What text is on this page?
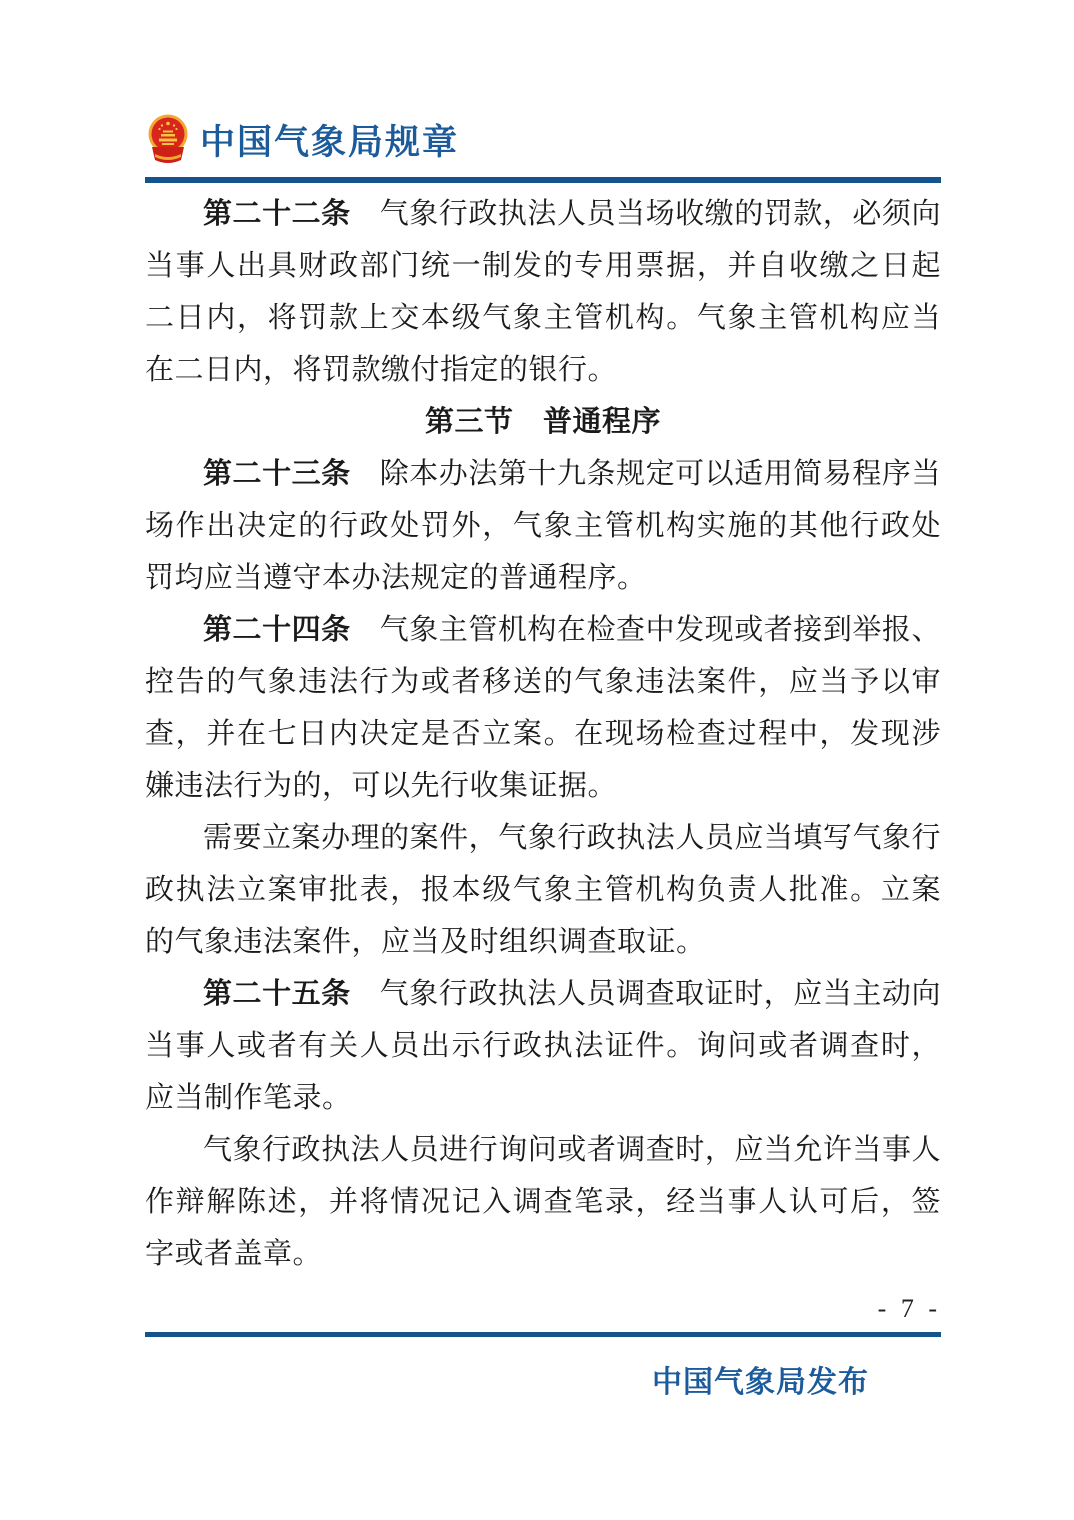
中国气象局规章

第二十二条 气象行政执法人员当场收缴的罚款，必须向当事人出具财政部门统一制发的专用票据，并自收缴之日起二日内，将罚款上交本级气象主管机构。气象主管机构应当在二日内，将罚款缴付指定的银行。

第三节　普通程序

第二十三条 除本办法第十九条规定可以适用简易程序当场作出决定的行政处罚外，气象主管机构实施的其他行政处罚均应当遵守本办法规定的普通程序。

第二十四条 气象主管机构在检查中发现或者接到举报、控告的气象违法行为或者移送的气象违法案件，应当予以审查，并在七日内决定是否立案。在现场检查过程中，发现涉嫌违法行为的，可以先行收集证据。

需要立案办理的案件，气象行政执法人员应当填写气象行政执法立案审批表，报本级气象主管机构负责人批准。立案的气象违法案件，应当及时组织调查取证。

第二十五条 气象行政执法人员调查取证时，应当主动向当事人或者有关人员出示行政执法证件。询问或者调查时，应当制作笔录。

气象行政执法人员进行询问或者调查时，应当允许当事人作辩解陈述，并将情况记入调查笔录，经当事人认可后，签字或者盖章。

- 7 -
中国气象局发布
